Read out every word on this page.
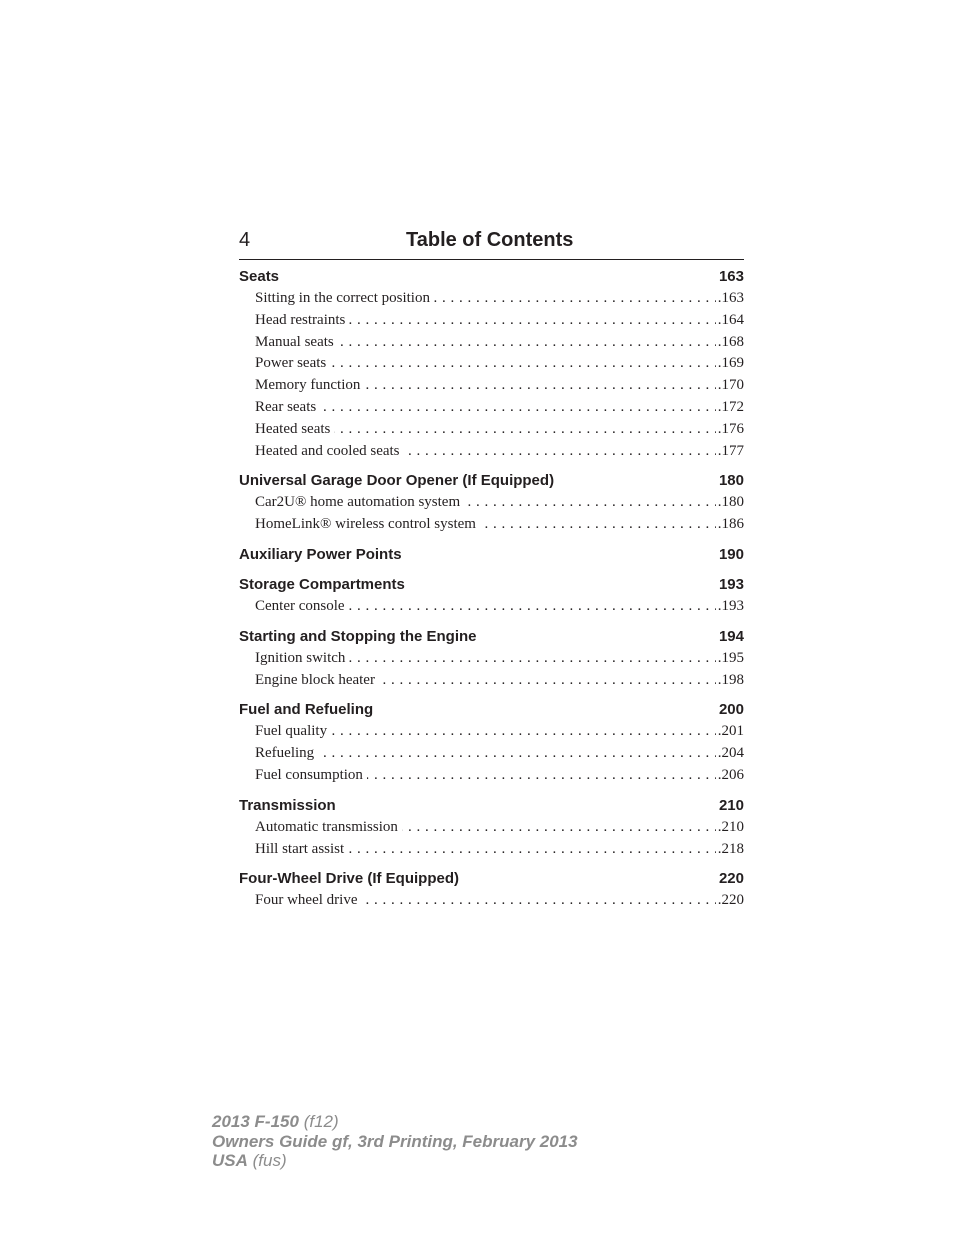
4	Table of Contents
Seats	163
. . . Sitting in the correct position	.163
. . . Head restraints	.164
. . . Manual seats	.168
. . . Power seats	.169
. . . Memory function	.170
. . . Rear seats	.172
. . . Heated seats	.176
. . . Heated and cooled seats	.177
Universal Garage Door Opener (If Equipped)	180
. . . Car2U® home automation system	.180
. . . HomeLink® wireless control system	.186
Auxiliary Power Points	190
Storage Compartments	193
. . . Center console	.193
Starting and Stopping the Engine	194
. . . Ignition switch	.195
. . . Engine block heater	.198
Fuel and Refueling	200
. . . Fuel quality	.201
. . . Refueling	.204
. . . Fuel consumption	.206
Transmission	210
. . . Automatic transmission	.210
. . . Hill start assist	.218
Four-Wheel Drive (If Equipped)	220
. . . Four wheel drive	.220
2013 F-150 (f12)
Owners Guide gf, 3rd Printing, February 2013
USA (fus)
